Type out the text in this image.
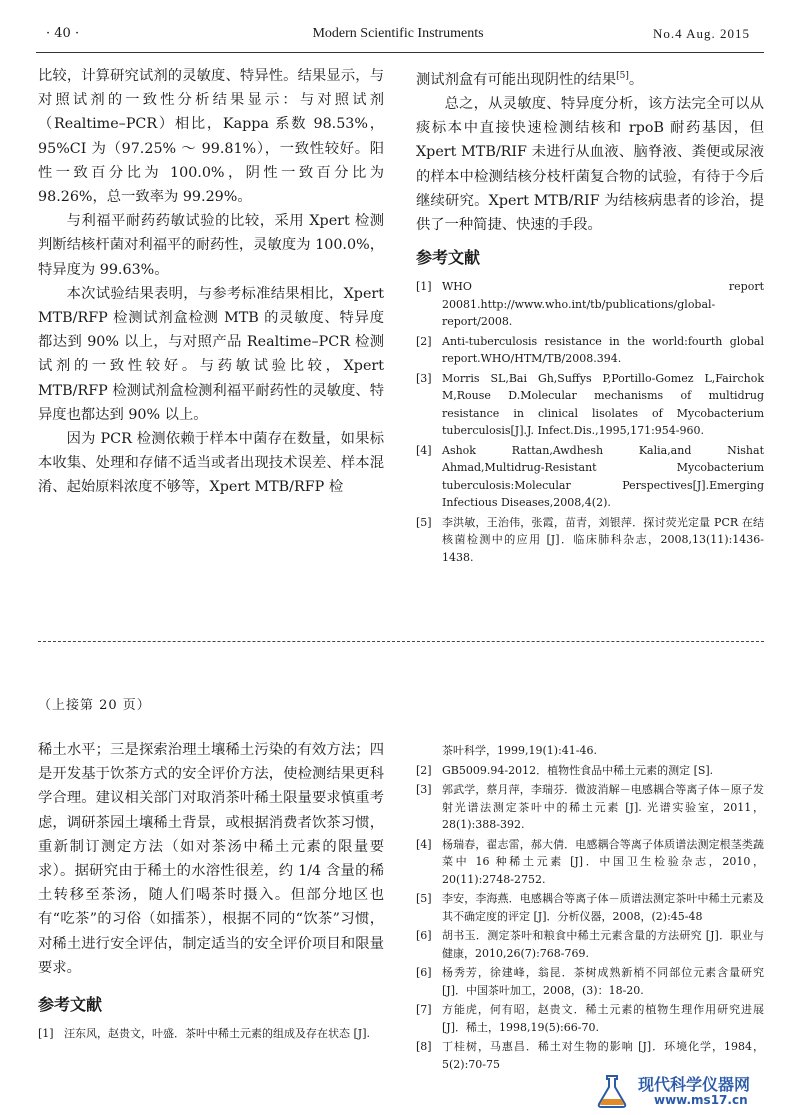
· 40 ·	Modern Scientific Instruments	No.4 Aug. 2015

比较，计算研究试剂的灵敏度、特异性。结果显示，与对照试剂的一致性分析结果显示：与对照试剂（Realtime–PCR）相比，Kappa 系数 98.53%，95%CI 为（97.25% ～ 99.81%），一致性较好。阳性一致百分比为 100.0%，阴性一致百分比为 98.26%，总一致率为 99.29%。

与利福平耐药药敏试验的比较，采用 Xpert 检测判断结核杆菌对利福平的耐药性，灵敏度为 100.0%，特异度为 99.63%。

本次试验结果表明，与参考标准结果相比，Xpert MTB/RFP 检测试剂盒检测 MTB 的灵敏度、特异度都达到 90% 以上，与对照产品 Realtime–PCR 检测试剂的一致性较好。与药敏试验比较，Xpert MTB/RFP 检测试剂盒检测利福平耐药性的灵敏度、特异度也都达到 90% 以上。

因为 PCR 检测依赖于样本中菌存在数量，如果标本收集、处理和存储不适当或者出现技术误差、样本混淆、起始原料浓度不够等，Xpert MTB/RFP 检

测试剂盒有可能出现阴性的结果[5]。

总之，从灵敏度、特异度分析，该方法完全可以从痰标本中直接快速检测结核和 rpoB 耐药基因，但 Xpert MTB/RIF 未进行从血液、脑脊液、粪便或尿液的样本中检测结核分枝杆菌复合物的试验，有待于今后继续研究。Xpert MTB/RIF 为结核病患者的诊治，提供了一种简捷、快速的手段。

参考文献
[1] WHO report 20081.http://www.who.int/tb/publications/global-report/2008.
[2] Anti-tuberculosis resistance in the world:fourth global report.WHO/HTM/TB/2008.394.
[3] Morris SL,Bai Gh,Suffys P,Portillo-Gomez L,Fairchok M,Rouse D.Molecular mechanisms of multidrug resistance in clinical lisolates of Mycobacterium tuberculosis[J].J. Infect.Dis.,1995,171:954-960.
[4] Ashok Rattan,Awdhesh Kalia,and Nishat Ahmad,Multidrug-Resistant Mycobacterium tuberculosis:Molecular Perspectives[J].Emerging Infectious Diseases,2008,4(2).
[5] 李洪敏，王治伟，张霞，苗青，刘银萍．探讨荧光定量 PCR 在结核菌检测中的应用 [J]．临床肺科杂志，2008,13(11):1436-1438.
（上接第 20 页）

稀土水平；三是探索治理土壤稀土污染的有效方法；四是开发基于饮茶方式的安全评价方法，使检测结果更科学合理。建议相关部门对取消茶叶稀土限量要求慎重考虑，调研茶园土壤稀土背景，或根据消费者饮茶习惯，重新制订测定方法（如对茶汤中稀土元素的限量要求）。据研究由于稀土的水溶性很差，约 1/4 含量的稀土转移至茶汤，随人们喝茶时摄入。但部分地区也有“吃茶”的习俗（如擂茶），根据不同的“饮茶”习惯，对稀土进行安全评估，制定适当的安全评价项目和限量要求。

参考文献
[1] 汪东风，赵贵文，叶盛．茶叶中稀土元素的组成及存在状态 [J].
茶叶科学，1999,19(1):41-46.
[2] GB5009.94-2012．植物性食品中稀土元素的测定 [S].
[3] 郭武学，蔡月萍，李瑞芬．微波消解－电感耦合等离子体－原子发射光谱法测定茶叶中的稀土元素 [J]. 光谱实验室，2011，28(1):388-392.
[4] 杨瑞春，翟志雷，郝大倩．电感耦合等离子体质谱法测定根茎类蔬菜中 16 种稀土元素 [J]．中国卫生检验杂志，2010，20(11):2748-2752.
[5] 李安，李海燕．电感耦合等离子体－质谱法测定茶叶中稀土元素及其不确定度的评定 [J]．分析仪器，2008，(2):45-48
[6] 胡书玉．测定茶叶和粮食中稀土元素含量的方法研究 [J]．职业与健康，2010,26(7):768-769.
[6] 杨秀芳，徐建峰，翁昆．茶树成熟新梢不同部位元素含量研究 [J]．中国茶叶加工，2008，(3)：18-20.
[7] 方能虎，何有昭，赵贵文．稀土元素的植物生理作用研究进展 [J]．稀土，1998,19(5):66-70.
[8] 丁桂树，马惠昌．稀土对生物的影响 [J]．环境化学，1984，5(2):70-75
现代科学仪器网
www.ms17.cn
